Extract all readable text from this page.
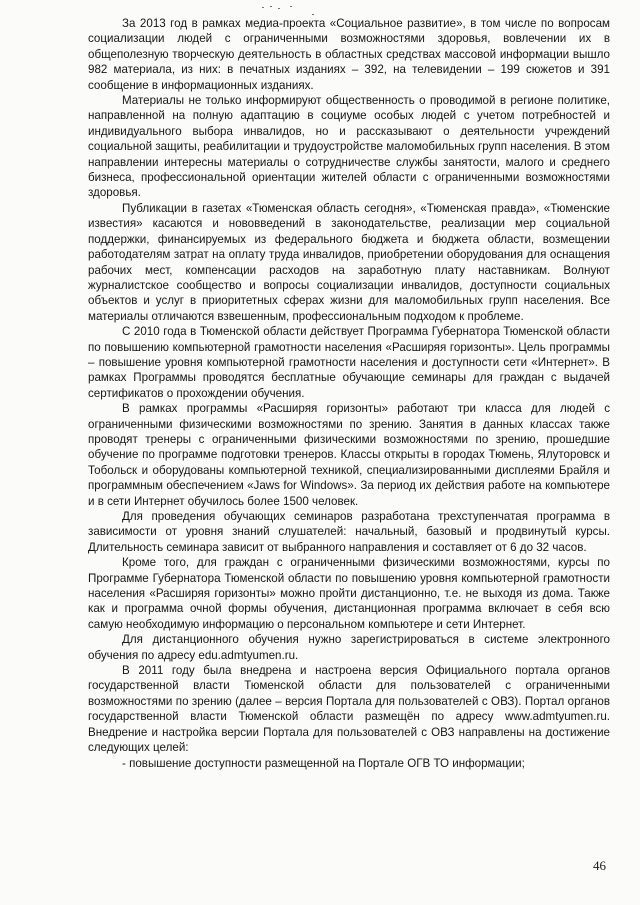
За 2013 год в рамках медиа-проекта «Социальное развитие», в том числе по вопросам социализации людей с ограниченными возможностями здоровья, вовлечении их в общеполезную творческую деятельность в областных средствах массовой информации вышло 982 материала, из них: в печатных изданиях – 392, на телевидении – 199 сюжетов и 391 сообщение в информационных изданиях.

Материалы не только информируют общественность о проводимой в регионе политике, направленной на полную адаптацию в социуме особых людей с учетом потребностей и индивидуального выбора инвалидов, но и рассказывают о деятельности учреждений социальной защиты, реабилитации и трудоустройстве маломобильных групп населения. В этом направлении интересны материалы о сотрудничестве службы занятости, малого и среднего бизнеса, профессиональной ориентации жителей области с ограниченными возможностями здоровья.

Публикации в газетах «Тюменская область сегодня», «Тюменская правда», «Тюменские известия» касаются и нововведений в законодательстве, реализации мер социальной поддержки, финансируемых из федерального бюджета и бюджета области, возмещении работодателям затрат на оплату труда инвалидов, приобретении оборудования для оснащения рабочих мест, компенсации расходов на заработную плату наставникам. Волнуют журналистское сообщество и вопросы социализации инвалидов, доступности социальных объектов и услуг в приоритетных сферах жизни для маломобильных групп населения. Все материалы отличаются взвешенным, профессиональным подходом к проблеме.

С 2010 года в Тюменской области действует Программа Губернатора Тюменской области по повышению компьютерной грамотности населения «Расширяя горизонты». Цель программы – повышение уровня компьютерной грамотности населения и доступности сети «Интернет». В рамках Программы проводятся бесплатные обучающие семинары для граждан с выдачей сертификатов о прохождении обучения.

В рамках программы «Расширяя горизонты» работают три класса для людей с ограниченными физическими возможностями по зрению. Занятия в данных классах также проводят тренеры с ограниченными физическими возможностями по зрению, прошедшие обучение по программе подготовки тренеров. Классы открыты в городах Тюмень, Ялуторовск и Тобольск и оборудованы компьютерной техникой, специализированными дисплеями Брайля и программным обеспечением «Jaws for Windows». За период их действия работе на компьютере и в сети Интернет обучилось более 1500 человек.

Для проведения обучающих семинаров разработана трехступенчатая программа в зависимости от уровня знаний слушателей: начальный, базовый и продвинутый курсы. Длительность семинара зависит от выбранного направления и составляет от 6 до 32 часов.

Кроме того, для граждан с ограниченными физическими возможностями, курсы по Программе Губернатора Тюменской области по повышению уровня компьютерной грамотности населения «Расширяя горизонты» можно пройти дистанционно, т.е. не выходя из дома. Также как и программа очной формы обучения, дистанционная программа включает в себя всю самую необходимую информацию о персональном компьютере и сети Интернет.

Для дистанционного обучения нужно зарегистрироваться в системе электронного обучения по адресу edu.admtyumen.ru.

В 2011 году была внедрена и настроена версия Официального портала органов государственной власти Тюменской области для пользователей с ограниченными возможностями по зрению (далее – версия Портала для пользователей с ОВЗ). Портал органов государственной власти Тюменской области размещён по адресу www.admtyumen.ru. Внедрение и настройка версии Портала для пользователей с ОВЗ направлены на достижение следующих целей:

- повышение доступности размещенной на Портале ОГВ ТО информации;

46
